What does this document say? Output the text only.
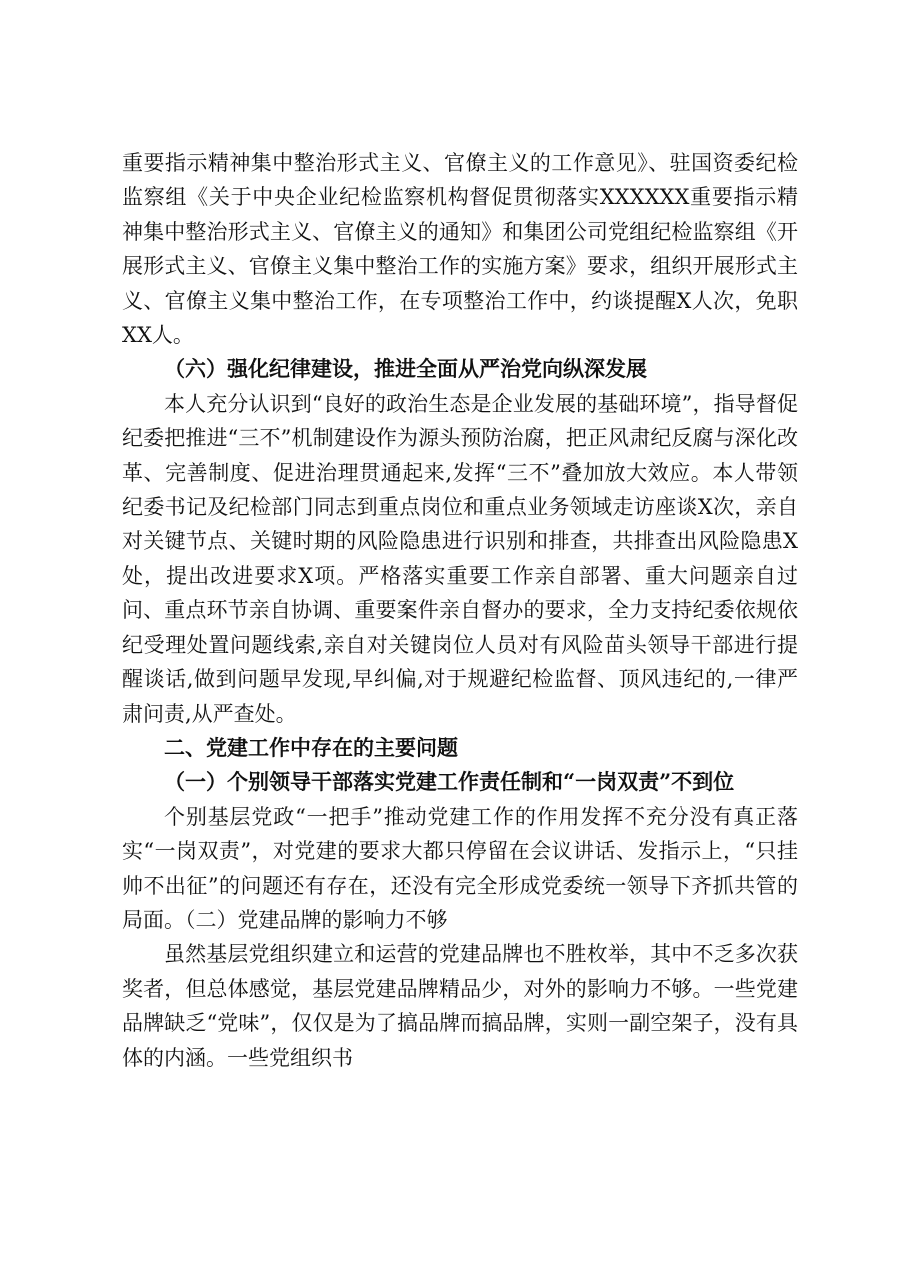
重要指示精神集中整治形式主义、官僚主义的工作意见》、驻国资委纪检监察组《关于中央企业纪检监察机构督促贯彻落实XXXXXX重要指示精神集中整治形式主义、官僚主义的通知》和集团公司党组纪检监察组《开展形式主义、官僚主义集中整治工作的实施方案》要求，组织开展形式主义、官僚主义集中整治工作，在专项整治工作中，约谈提醒X人次，免职XX人。

（六）强化纪律建设，推进全面从严治党向纵深发展

本人充分认识到“良好的政治生态是企业发展的基础环境”，指导督促纪委把推进“三不”机制建设作为源头预防治腐，把正风肃纪反腐与深化改革、完善制度、促进治理贯通起来,发挥“三不”叠加放大效应。本人带领纪委书记及纪检部门同志到重点岗位和重点业务领域走访座谈X次，亲自对关键节点、关键时期的风险隐患进行识别和排查，共排查出风险隐患X处，提出改进要求X项。严格落实重要工作亲自部署、重大问题亲自过问、重点环节亲自协调、重要案件亲自督办的要求，全力支持纪委依规依纪受理处置问题线索,亲自对关键岗位人员对有风险苗头领导干部进行提醒谈话,做到问题早发现,早纠偏,对于规避纪检监督、顶风违纪的,一律严肃问责,从严查处。

二、党建工作中存在的主要问题

（一）个别领导干部落实党建工作责任制和“一岗双责”不到位

个别基层党政“一把手”推动党建工作的作用发挥不充分没有真正落实“一岗双责”，对党建的要求大都只停留在会议讲话、发指示上，“只挂帅不出征”的问题还有存在，还没有完全形成党委统一领导下齐抓共管的局面。（二）党建品牌的影响力不够

虽然基层党组织建立和运营的党建品牌也不胜枚举，其中不乏多次获奖者，但总体感觉，基层党建品牌精品少，对外的影响力不够。一些党建品牌缺乏“党味”，仅仅是为了搞品牌而搞品牌，实则一副空架子，没有具体的内涵。一些党组织书
